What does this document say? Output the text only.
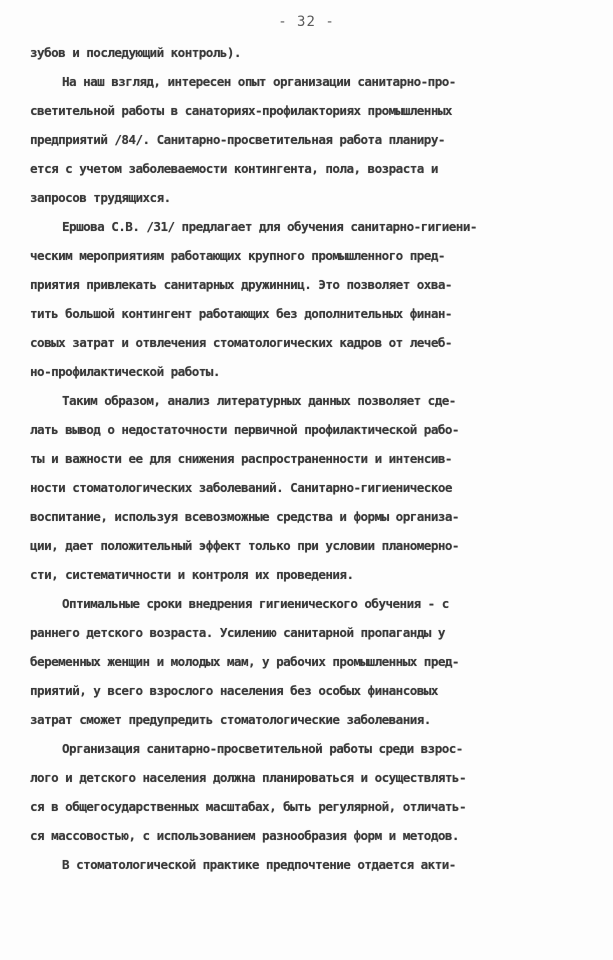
- 32 -
зубов и последующий контроль).
На наш взгляд, интересен опыт организации санитарно-про-
светительной работы в санаториях-профилакториях промышленных
предприятий /84/. Санитарно-просветительная работа планиру-
ется с учетом заболеваемости контингента, пола, возраста и
запросов трудящихся.
Ершова С.В. /31/ предлагает для обучения санитарно-гигиени-
ческим мероприятиям работающих крупного промышленного пред-
приятия привлекать санитарных дружинниц. Это позволяет охва-
тить большой контингент работающих без дополнительных финан-
совых затрат и отвлечения стоматологических кадров от лечеб-
но-профилактической работы.
Таким образом, анализ литературных данных позволяет сде-
лать вывод о недостаточности первичной профилактической рабо-
ты и важности ее для снижения распространенности и интенсив-
ности стоматологических заболеваний. Санитарно-гигиеническое
воспитание, используя всевозможные средства и формы организа-
ции, дает положительный эффект только при условии планомерно-
сти, систематичности и контроля их проведения.
Оптимальные сроки внедрения гигиенического обучения - с
раннего детского возраста. Усилению санитарной пропаганды у
беременных женщин и молодых мам, у рабочих промышленных пред-
приятий, у всего взрослого населения без особых финансовых
затрат сможет предупредить стоматологические заболевания.
Организация санитарно-просветительной работы среди взрос-
лого и детского населения должна планироваться и осуществлять-
ся в общегосударственных масштабах, быть регулярной, отличать-
ся массовостью, с использованием разнообразия форм и методов.
В стоматологической практике предпочтение отдается акти-
